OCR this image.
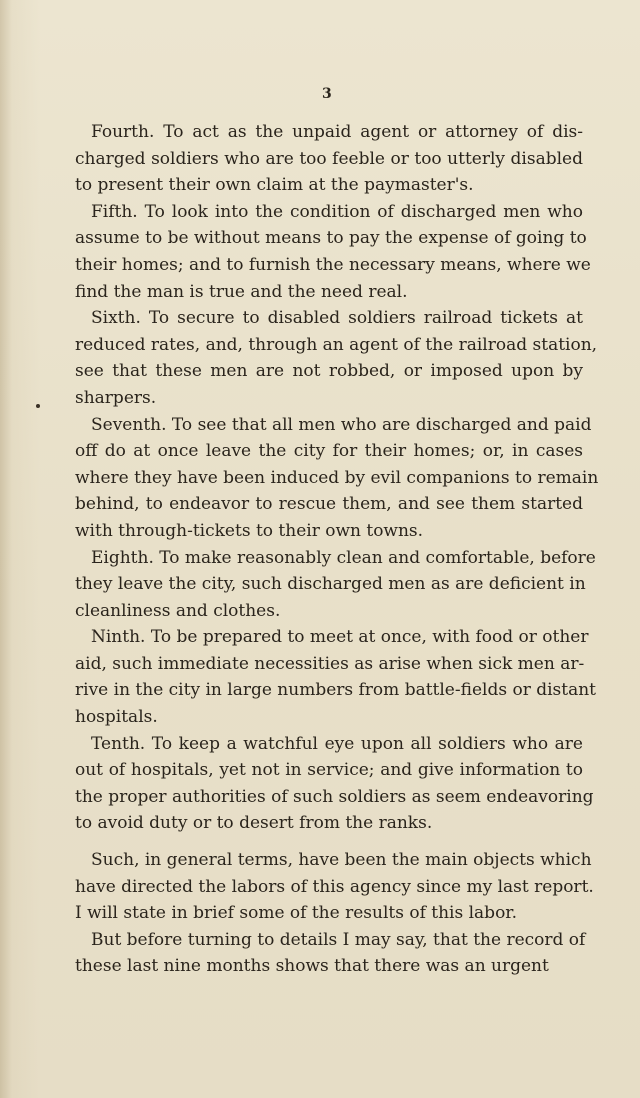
3
Fourth. To act as the unpaid agent or attorney of dis-
charged soldiers who are too feeble or too utterly disabled
to present their own claim at the paymaster's.
Fifth. To look into the condition of discharged men who
assume to be without means to pay the expense of going to
their homes; and to furnish the necessary means, where we
find the man is true and the need real.
Sixth. To secure to disabled soldiers railroad tickets at
reduced rates, and, through an agent of the railroad station,
see that these men are not robbed, or imposed upon by
sharpers.
Seventh. To see that all men who are discharged and paid
off do at once leave the city for their homes; or, in cases
where they have been induced by evil companions to remain
behind, to endeavor to rescue them, and see them started
with through-tickets to their own towns.
Eighth. To make reasonably clean and comfortable, before
they leave the city, such discharged men as are deficient in
cleanliness and clothes.
Ninth. To be prepared to meet at once, with food or other
aid, such immediate necessities as arise when sick men ar-
rive in the city in large numbers from battle-fields or distant
hospitals.
Tenth. To keep a watchful eye upon all soldiers who are
out of hospitals, yet not in service; and give information to
the proper authorities of such soldiers as seem endeavoring
to avoid duty or to desert from the ranks.
Such, in general terms, have been the main objects which
have directed the labors of this agency since my last report.
I will state in brief some of the results of this labor.
But before turning to details I may say, that the record of
these last nine months shows that there was an urgent
